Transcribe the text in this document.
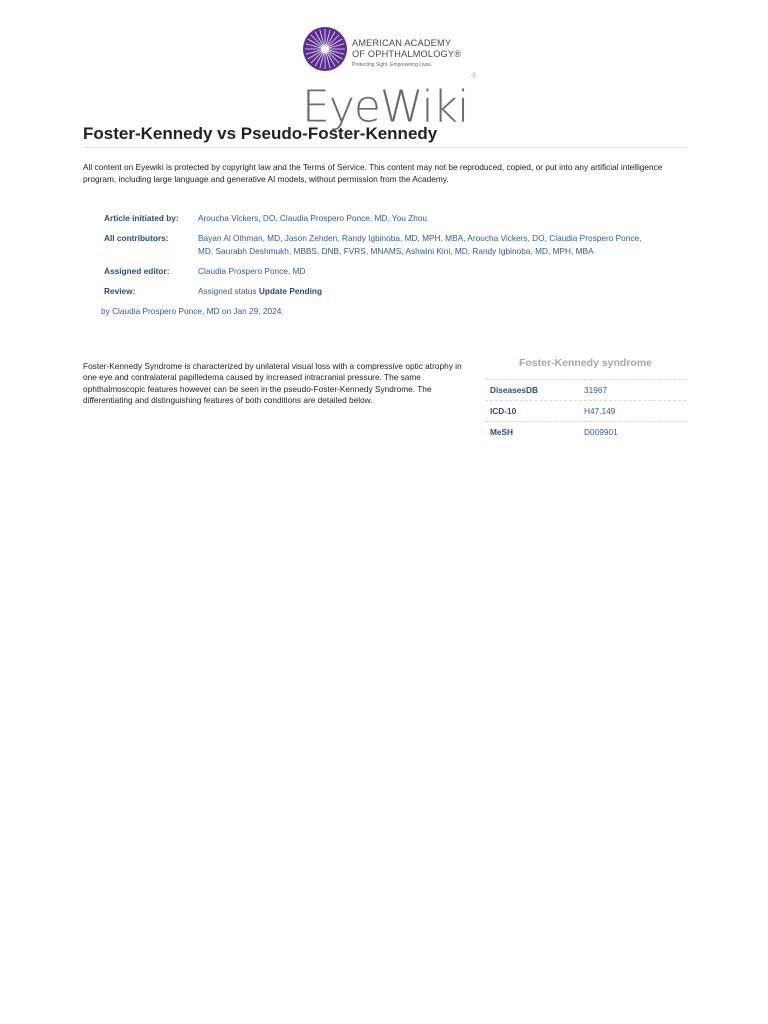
AMERICAN ACADEMY
OF OPHTHALMOLOGY®
Protecting Sight. Empowering Lives.
EyeWiki®
Foster-Kennedy vs Pseudo-Foster-Kennedy
All content on Eyewiki is protected by copyright law and the Terms of Service. This content may not be reproduced, copied, or put into any artificial intelligence program, including large language and generative AI models, without permission from the Academy.
Article initiated by:	Aroucha Vickers, DO, Claudia Prospero Ponce, MD, You Zhou
All contributors:	Bayan Al Othman, MD, Jason Zehden, Randy Igbinoba, MD, MPH, MBA, Aroucha Vickers, DO, Claudia Prospero Ponce, MD, Saurabh Deshmukh, MBBS, DNB, FVRS, MNAMS, Ashwini Kini, MD, Randy Igbinoba, MD, MPH, MBA
Assigned editor:	Claudia Prospero Ponce, MD
Review:	Assigned status Update Pending
by Claudia Prospero Ponce, MD on Jan 29, 2024.
Foster-Kennedy Syndrome is characterized by unilateral visual loss with a compressive optic atrophy in one eye and contralateral papilledema caused by increased intracranial pressure. The same ophthalmoscopic features however can be seen in the pseudo-Foster-Kennedy Syndrome. The differentiating and distinguishing features of both conditions are detailed below.
Foster-Kennedy syndrome
DiseasesDB	31967
ICD-10	H47.149
MeSH	D009901
